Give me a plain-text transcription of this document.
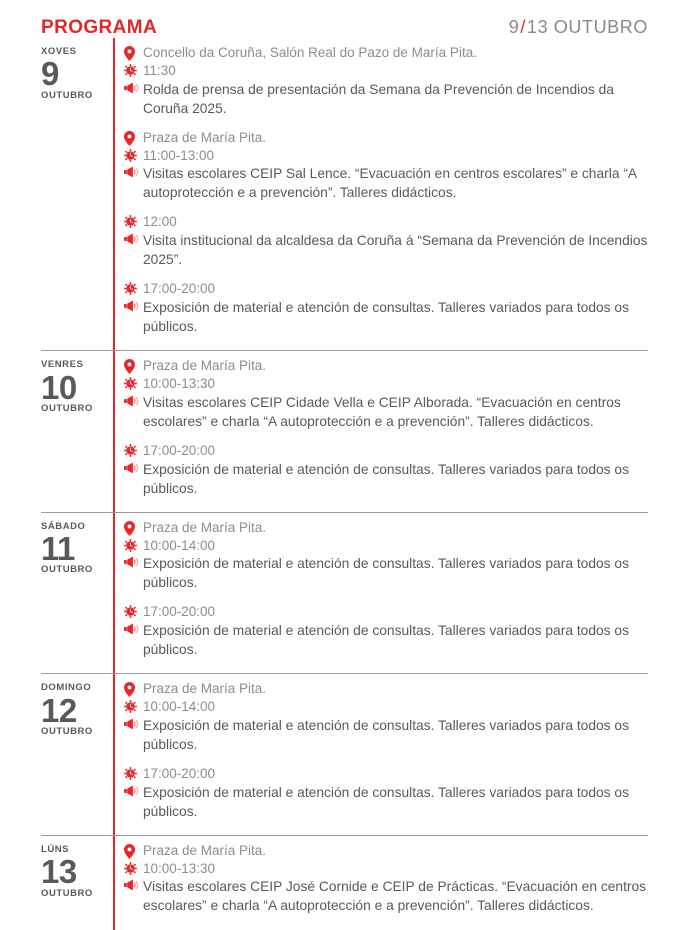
PROGRAMA	9/13 OUTUBRO
XOVES
9
OUTUBRO
Concello da Coruña, Salón Real do Pazo de María Pita.
11:30
Rolda de prensa de presentación da Semana da Prevención de Incendios da Coruña 2025.
Praza de María Pita.
11:00-13:00
Visitas escolares CEIP Sal Lence. “Evacuación en centros escolares” e charla “A autoprotección e a prevención”. Talleres didácticos.
12:00
Visita institucional da alcaldesa da Coruña á “Semana da Prevención de Incendios 2025”.
17:00-20:00
Exposición de material e atención de consultas. Talleres variados para todos os públicos.
VENRES
10
OUTUBRO
Praza de María Pita.
10:00-13:30
Visitas escolares CEIP Cidade Vella e CEIP Alborada. “Evacuación en centros escolares” e charla “A autoprotección e a prevención”. Talleres didácticos.
17:00-20:00
Exposición de material e atención de consultas. Talleres variados para todos os públicos.
SÁBADO
11
OUTUBRO
Praza de María Pita.
10:00-14:00
Exposición de material e atención de consultas. Talleres variados para todos os públicos.
17:00-20:00
Exposición de material e atención de consultas. Talleres variados para todos os públicos.
DOMINGO
12
OUTUBRO
Praza de María Pita.
10:00-14:00
Exposición de material e atención de consultas. Talleres variados para todos os públicos.
17:00-20:00
Exposición de material e atención de consultas. Talleres variados para todos os públicos.
LÚNS
13
OUTUBRO
Praza de María Pita.
10:00-13:30
Visitas escolares CEIP José Cornide e CEIP de Prácticas. “Evacuación en centros escolares” e charla “A autoprotección e a prevención”. Talleres didácticos.
